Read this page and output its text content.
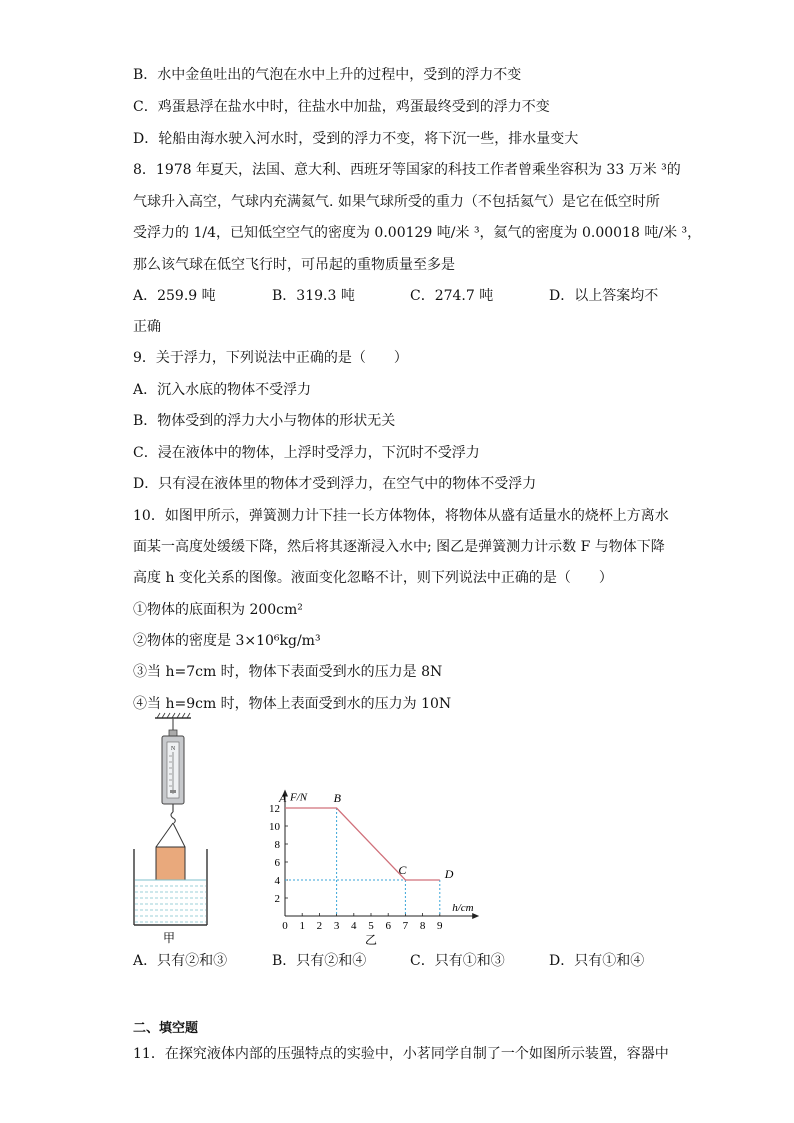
B．水中金鱼吐出的气泡在水中上升的过程中，受到的浮力不变
C．鸡蛋悬浮在盐水中时，往盐水中加盐，鸡蛋最终受到的浮力不变
D．轮船由海水驶入河水时，受到的浮力不变，将下沉一些，排水量变大
8．1978 年夏天，法国、意大利、西班牙等国家的科技工作者曾乘坐容积为 33 万米 ³的
气球升入高空，气球内充满氦气. 如果气球所受的重力（不包括氦气）是它在低空时所
受浮力的 1/4，已知低空空气的密度为 0.00129 吨/米 ³，氦气的密度为 0.00018 吨/米 ³，
那么该气球在低空飞行时，可吊起的重物质量至多是
A．259.9 吨	B．319.3 吨	C．274.7 吨	D．以上答案均不
正确
9．关于浮力，下列说法中正确的是（　　）
A．沉入水底的物体不受浮力
B．物体受到的浮力大小与物体的形状无关
C．浸在液体中的物体，上浮时受浮力，下沉时不受浮力
D．只有浸在液体里的物体才受到浮力，在空气中的物体不受浮力
10．如图甲所示，弹簧测力计下挂一长方体物体，将物体从盛有适量水的烧杯上方离水
面某一高度处缓缓下降，然后将其逐渐浸入水中; 图乙是弹簧测力计示数 F 与物体下降
高度 h 变化关系的图像。液面变化忽略不计，则下列说法中正确的是（　　）
①物体的底面积为 200cm²
②物体的密度是 3×10⁶kg/m³
③当 h=7cm 时，物体下表面受到水的压力是 8N
④当 h=9cm 时，物体上表面受到水的压力为 10N
N
甲
0 1 2 3 4 5 6 7 8 9
2
4
6
8
10
12
A	B
C	D
h/cm
F/N
乙
A．只有②和③	B．只有②和④	C．只有①和③	D．只有①和④
二、填空题
11．在探究液体内部的压强特点的实验中，小茗同学自制了一个如图所示装置，容器中
